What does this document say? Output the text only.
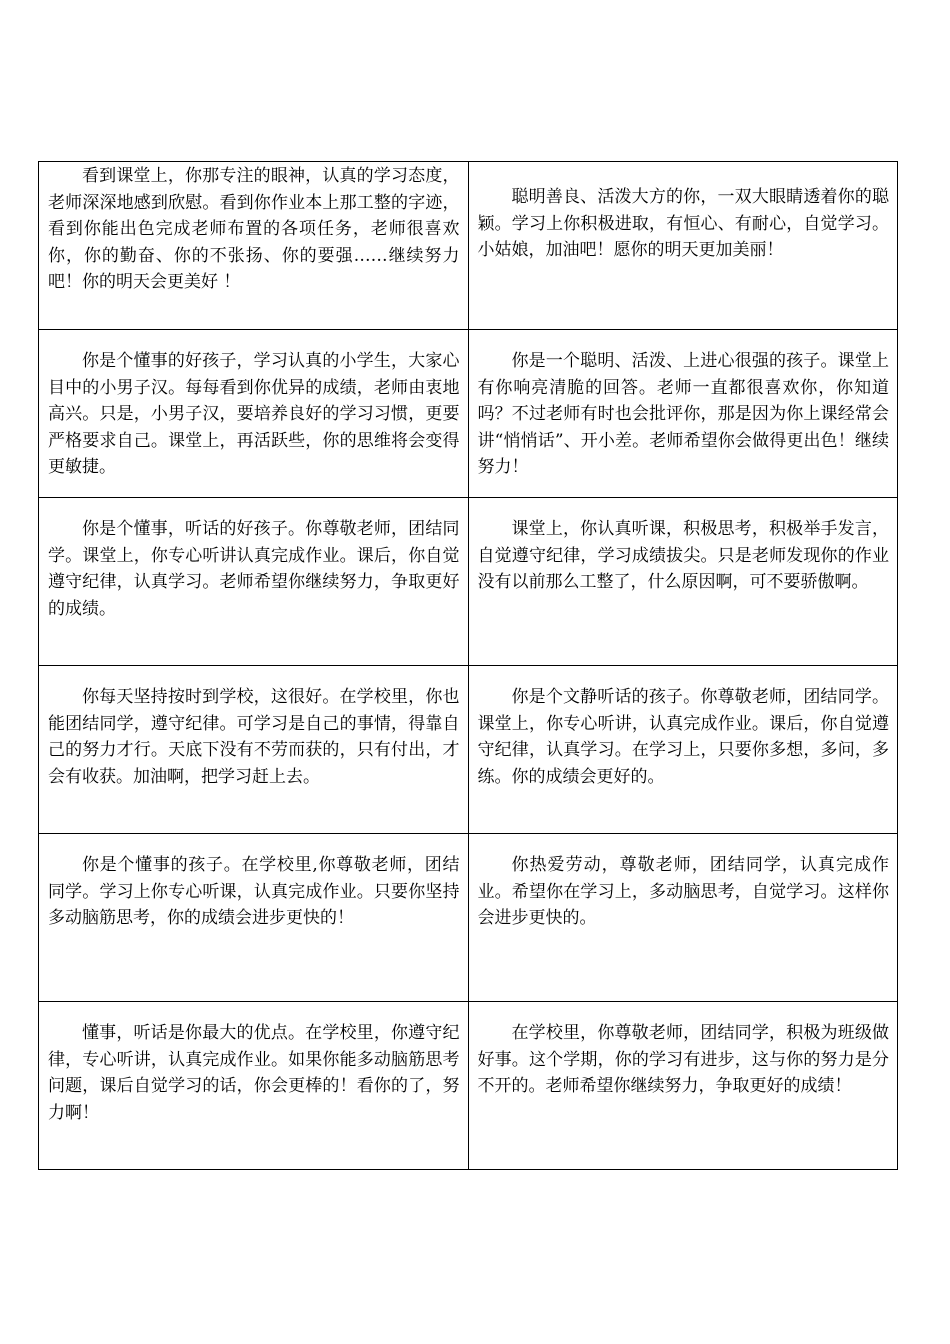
看到课堂上，你那专注的眼神，认真的学习态度，老师深深地感到欣慰。看到你作业本上那工整的字迹，看到你能出色完成老师布置的各项任务，老师很喜欢你，你的勤奋、你的不张扬、你的要强……继续努力吧！你的明天会更美好 ！	聪明善良、活泼大方的你，一双大眼睛透着你的聪颖。学习上你积极进取，有恒心、有耐心，自觉学习。小姑娘，加油吧！愿你的明天更加美丽！

你是个懂事的好孩子，学习认真的小学生，大家心目中的小男子汉。每每看到你优异的成绩，老师由衷地高兴。只是，小男子汉，要培养良好的学习习惯，更要严格要求自己。课堂上，再活跃些，你的思维将会变得更敏捷。	你是一个聪明、活泼、上进心很强的孩子。课堂上有你响亮清脆的回答。老师一直都很喜欢你，你知道吗？不过老师有时也会批评你，那是因为你上课经常会讲“悄悄话”、开小差。老师希望你会做得更出色！继续努力！

你是个懂事，听话的好孩子。你尊敬老师，团结同学。课堂上，你专心听讲认真完成作业。课后，你自觉遵守纪律，认真学习。老师希望你继续努力，争取更好的成绩。	课堂上，你认真听课，积极思考，积极举手发言，自觉遵守纪律，学习成绩拔尖。只是老师发现你的作业没有以前那么工整了，什么原因啊，可不要骄傲啊。

你每天坚持按时到学校，这很好。在学校里，你也能团结同学，遵守纪律。可学习是自己的事情，得靠自己的努力才行。天底下没有不劳而获的，只有付出，才会有收获。加油啊，把学习赶上去。	你是个文静听话的孩子。你尊敬老师，团结同学。课堂上，你专心听讲，认真完成作业。课后，你自觉遵守纪律，认真学习。在学习上，只要你多想，多问，多练。你的成绩会更好的。

你是个懂事的孩子。在学校里,你尊敬老师，团结同学。学习上你专心听课，认真完成作业。只要你坚持多动脑筋思考，你的成绩会进步更快的！	你热爱劳动，尊敬老师，团结同学，认真完成作业。希望你在学习上，多动脑思考，自觉学习。这样你会进步更快的。

懂事，听话是你最大的优点。在学校里，你遵守纪律，专心听讲，认真完成作业。如果你能多动脑筋思考问题，课后自觉学习的话，你会更棒的！看你的了，努力啊！	在学校里，你尊敬老师，团结同学，积极为班级做好事。这个学期，你的学习有进步，这与你的努力是分不开的。老师希望你继续努力，争取更好的成绩！
